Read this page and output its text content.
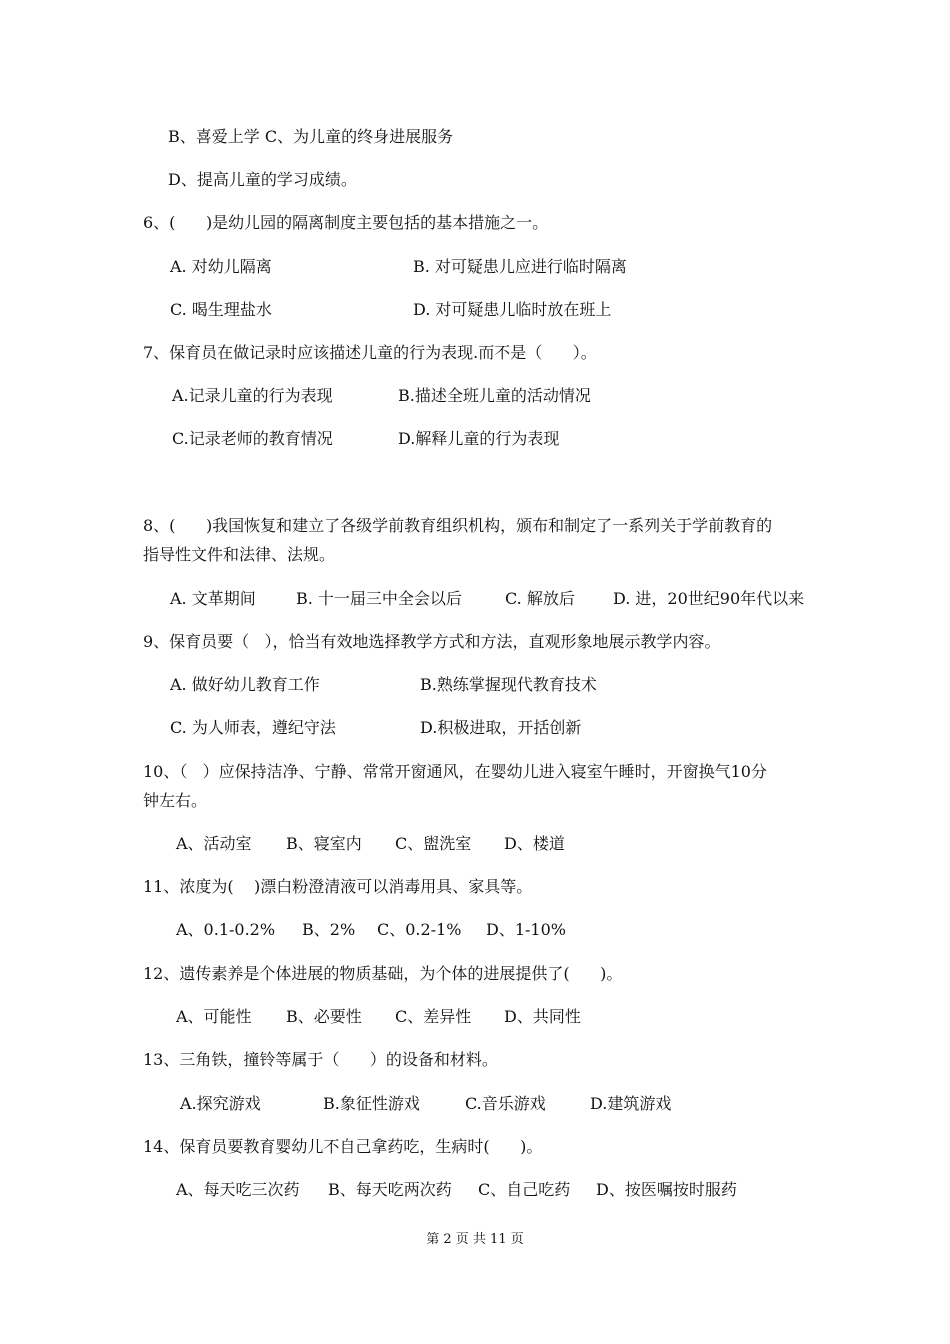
B、喜爱上学 C、为儿童的终身进展服务
D、提高儿童的学习成绩。
6、(      )是幼儿园的隔离制度主要包括的基本措施之一。
A. 对幼儿隔离	B. 对可疑患儿应进行临时隔离
C. 喝生理盐水	D. 对可疑患儿临时放在班上
7、保育员在做记录时应该描述儿童的行为表现.而不是（      ）。
A.记录儿童的行为表现	B.描述全班儿童的活动情况
C.记录老师的教育情况	D.解释儿童的行为表现
8、(      )我国恢复和建立了各级学前教育组织机构，颁布和制定了一系列关于学前教育的
指导性文件和法律、法规。
A. 文革期间	B. 十一届三中全会以后	C. 解放后 D. 进，20世纪90年代以来
9、保育员要（   ），恰当有效地选择教学方式和方法，直观形象地展示教学内容。
A. 做好幼儿教育工作	B.熟练掌握现代教育技术
C. 为人师表，遵纪守法	D.积极进取，开括创新
10、（   ）应保持洁净、宁静、常常开窗通风，在婴幼儿进入寝室午睡时，开窗换气10分
钟左右。
A、活动室 B、寝室内 C、盥洗室 D、楼道
11、浓度为(    )漂白粉澄清液可以消毒用具、家具等。
A、0.1-0.2% B、2% C、0.2-1% D、1-10%
12、遗传素养是个体进展的物质基础，为个体的进展提供了(      )。
A、可能性 B、必要性 C、差异性 D、共同性
13、三角铁，撞铃等属于（      ）的设备和材料。
A.探究游戏	B.象征性游戏	C.音乐游戏	D.建筑游戏
14、保育员要教育婴幼儿不自己拿药吃，生病时(      )。
A、每天吃三次药 B、每天吃两次药 C、自己吃药 D、按医嘱按时服药
第 2 页 共 11 页
